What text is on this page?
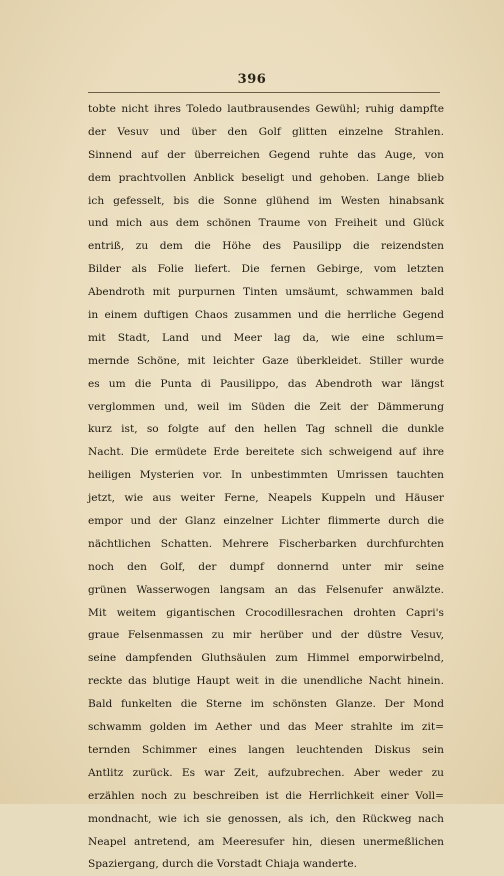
396
tobte nicht ihres Toledo lautbrausendes Gewühl; ruhig dampfte
der Vesuv und über den Golf glitten einzelne Strahlen.
Sinnend auf der überreichen Gegend ruhte das Auge, von
dem prachtvollen Anblick beseligt und gehoben. Lange blieb
ich gefesselt, bis die Sonne glühend im Westen hinabsank
und mich aus dem schönen Traume von Freiheit und Glück
entriß, zu dem die Höhe des Pausilipp die reizendsten
Bilder als Folie liefert. Die fernen Gebirge, vom letzten
Abendroth mit purpurnen Tinten umsäumt, schwammen bald
in einem duftigen Chaos zusammen und die herrliche Gegend
mit Stadt, Land und Meer lag da, wie eine schlum=
mernde Schöne, mit leichter Gaze überkleidet. Stiller wurde
es um die Punta di Pausilippo, das Abendroth war längst
verglommen und, weil im Süden die Zeit der Dämmerung
kurz ist, so folgte auf den hellen Tag schnell die dunkle
Nacht. Die ermüdete Erde bereitete sich schweigend auf ihre
heiligen Mysterien vor. In unbestimmten Umrissen tauchten
jetzt, wie aus weiter Ferne, Neapels Kuppeln und Häuser
empor und der Glanz einzelner Lichter flimmerte durch die
nächtlichen Schatten. Mehrere Fischerbarken durchfurchten
noch den Golf, der dumpf donnernd unter mir seine
grünen Wasserwogen langsam an das Felsenufer anwälzte.
Mit weitem gigantischen Crocodillesrachen drohten Capri's
graue Felsenmassen zu mir herüber und der düstre Vesuv,
seine dampfenden Gluthsäulen zum Himmel emporwirbelnd,
reckte das blutige Haupt weit in die unendliche Nacht hinein.
Bald funkelten die Sterne im schönsten Glanze. Der Mond
schwamm golden im Aether und das Meer strahlte im zit=
ternden Schimmer eines langen leuchtenden Diskus sein
Antlitz zurück. Es war Zeit, aufzubrechen. Aber weder zu
erzählen noch zu beschreiben ist die Herrlichkeit einer Voll=
mondnacht, wie ich sie genossen, als ich, den Rückweg nach
Neapel antretend, am Meeresufer hin, diesen unermeßlichen
Spaziergang, durch die Vorstadt Chiaja wanderte.
